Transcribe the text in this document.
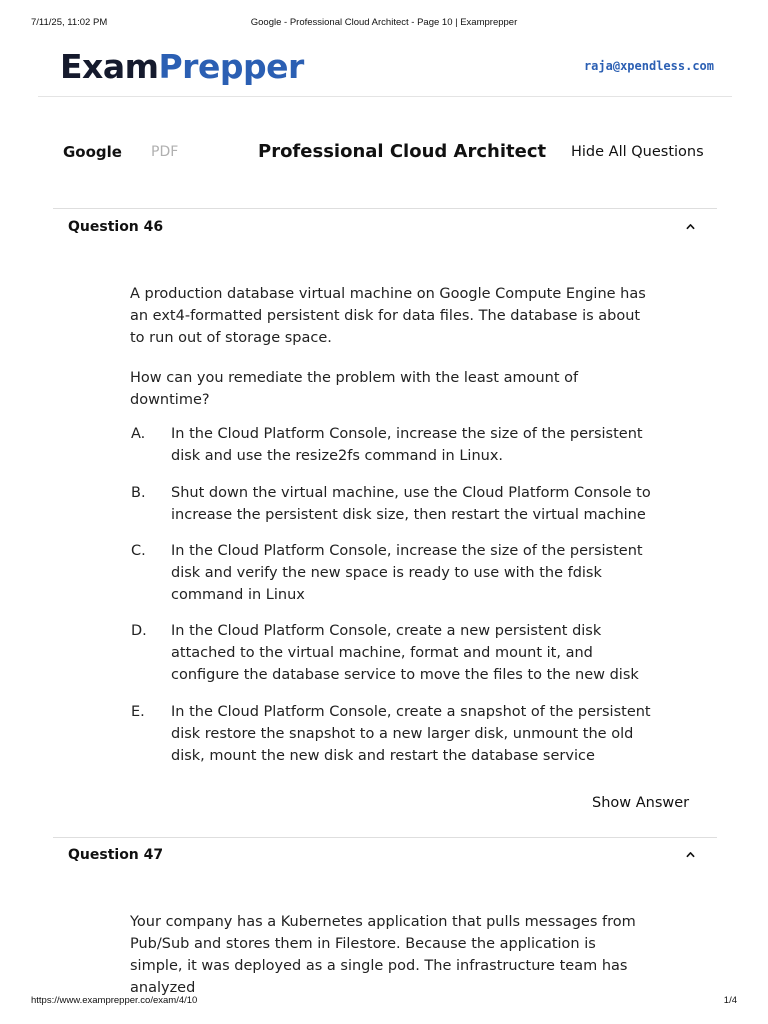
7/11/25, 11:02 PM	Google - Professional Cloud Architect - Page 10 | Examprepper
ExamPrepper	raja@xpendless.com
Google PDF	Professional Cloud Architect Hide All Questions
Question 46

A production database virtual machine on Google Compute Engine has an ext4-formatted persistent disk for data files. The database is about to run out of storage space.

How can you remediate the problem with the least amount of downtime?

A. In the Cloud Platform Console, increase the size of the persistent disk and use the resize2fs command in Linux.
B. Shut down the virtual machine, use the Cloud Platform Console to increase the persistent disk size, then restart the virtual machine
C. In the Cloud Platform Console, increase the size of the persistent disk and verify the new space is ready to use with the fdisk command in Linux
D. In the Cloud Platform Console, create a new persistent disk attached to the virtual machine, format and mount it, and configure the database service to move the files to the new disk
E. In the Cloud Platform Console, create a snapshot of the persistent disk restore the snapshot to a new larger disk, unmount the old disk, mount the new disk and restart the database service
Show Answer
Question 47

Your company has a Kubernetes application that pulls messages from Pub/Sub and stores them in Filestore. Because the application is simple, it was deployed as a single pod. The infrastructure team has analyzed

https://www.examprepper.co/exam/4/10	1/4
